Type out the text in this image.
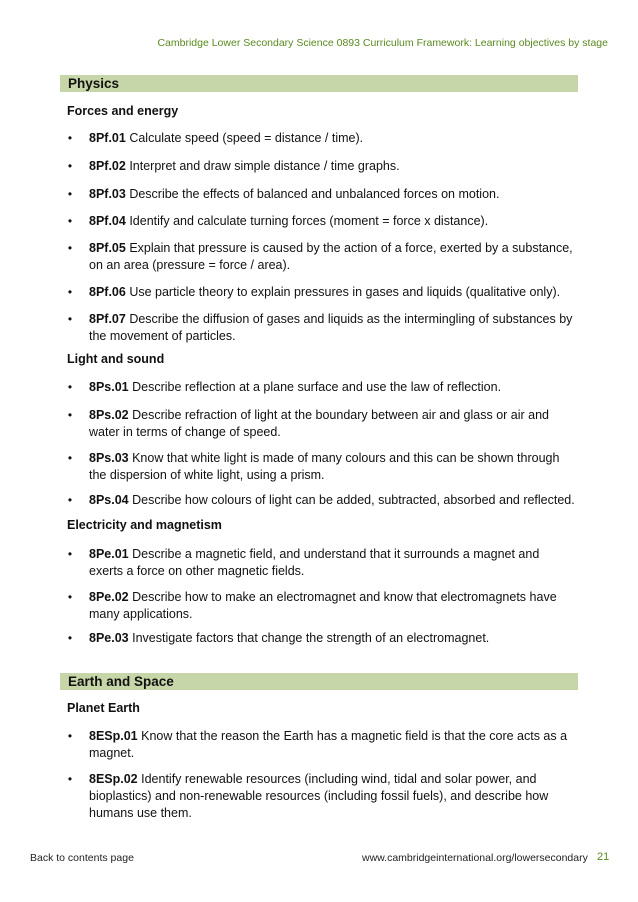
Cambridge Lower Secondary Science 0893 Curriculum Framework: Learning objectives by stage
Physics
Forces and energy
• 8Pf.01 Calculate speed (speed = distance / time).
• 8Pf.02 Interpret and draw simple distance / time graphs.
• 8Pf.03 Describe the effects of balanced and unbalanced forces on motion.
• 8Pf.04 Identify and calculate turning forces (moment = force x distance).
• 8Pf.05 Explain that pressure is caused by the action of a force, exerted by a substance, on an area (pressure = force / area).
• 8Pf.06 Use particle theory to explain pressures in gases and liquids (qualitative only).
• 8Pf.07 Describe the diffusion of gases and liquids as the intermingling of substances by the movement of particles.
Light and sound
• 8Ps.01 Describe reflection at a plane surface and use the law of reflection.
• 8Ps.02 Describe refraction of light at the boundary between air and glass or air and water in terms of change of speed.
• 8Ps.03 Know that white light is made of many colours and this can be shown through the dispersion of white light, using a prism.
• 8Ps.04 Describe how colours of light can be added, subtracted, absorbed and reflected.
Electricity and magnetism
• 8Pe.01 Describe a magnetic field, and understand that it surrounds a magnet and exerts a force on other magnetic fields.
• 8Pe.02 Describe how to make an electromagnet and know that electromagnets have many applications.
• 8Pe.03 Investigate factors that change the strength of an electromagnet.
Earth and Space
Planet Earth
• 8ESp.01 Know that the reason the Earth has a magnetic field is that the core acts as a magnet.
• 8ESp.02 Identify renewable resources (including wind, tidal and solar power, and bioplastics) and non-renewable resources (including fossil fuels), and describe how humans use them.
Back to contents page	www.cambridgeinternational.org/lowersecondary 21
